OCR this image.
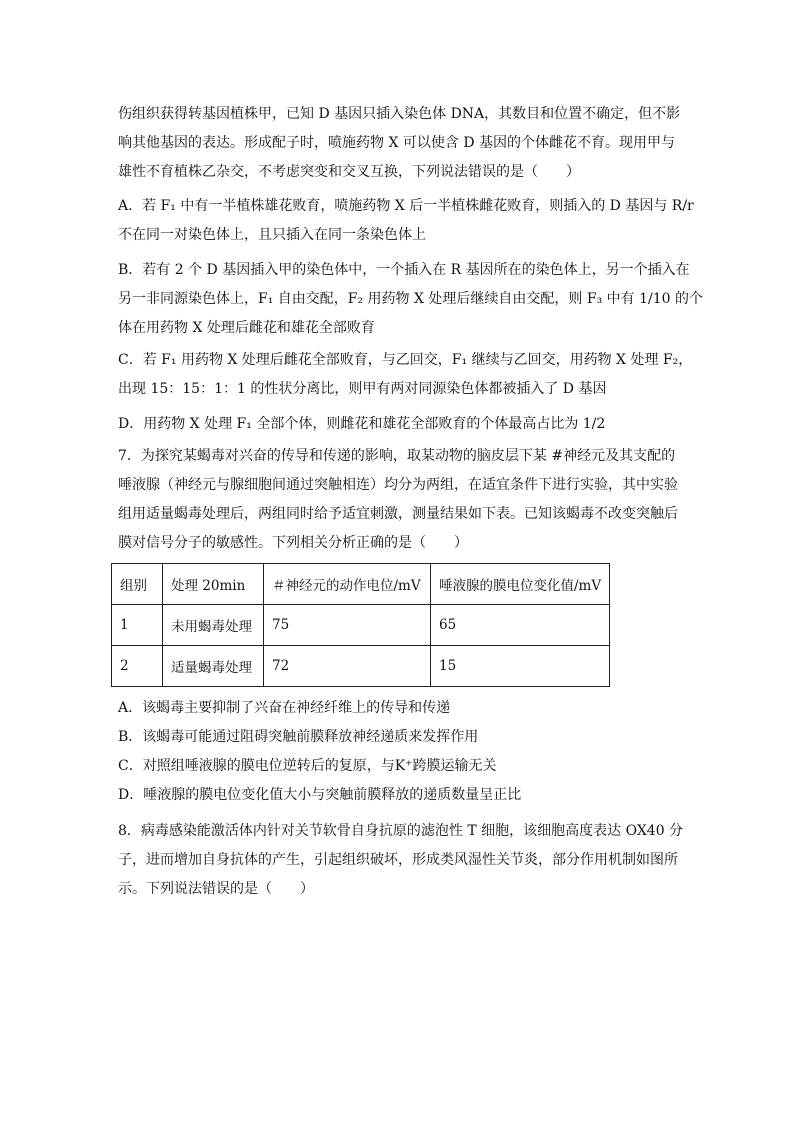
伤组织获得转基因植株甲，已知 D 基因只插入染色体 DNA，其数目和位置不确定，但不影
响其他基因的表达。形成配子时，喷施药物 X 可以使含 D 基因的个体雌花不育。现用甲与
雄性不育植株乙杂交，不考虑突变和交叉互换，下列说法错误的是（　　）
A．若 F₁ 中有一半植株雄花败育，喷施药物 X 后一半植株雌花败育，则插入的 D 基因与 R/r
不在同一对染色体上，且只插入在同一条染色体上
B．若有 2 个 D 基因插入甲的染色体中，一个插入在 R 基因所在的染色体上，另一个插入在
另一非同源染色体上，F₁ 自由交配，F₂ 用药物 X 处理后继续自由交配，则 F₃ 中有 1/10 的个
体在用药物 X 处理后雌花和雄花全部败育
C．若 F₁ 用药物 X 处理后雌花全部败育，与乙回交，F₁ 继续与乙回交，用药物 X 处理 F₂，
出现 15：15：1：1 的性状分离比，则甲有两对同源染色体都被插入了 D 基因
D．用药物 X 处理 F₁ 全部个体，则雌花和雄花全部败育的个体最高占比为 1/2
7．为探究某蝎毒对兴奋的传导和传递的影响，取某动物的脑皮层下某 #神经元及其支配的
唾液腺（神经元与腺细胞间通过突触相连）均分为两组，在适宜条件下进行实验，其中实验
组用适量蝎毒处理后，两组同时给予适宜刺激，测量结果如下表。已知该蝎毒不改变突触后
膜对信号分子的敏感性。下列相关分析正确的是（　　）
组别	处理 20min	＃神经元的动作电位/mV	唾液腺的膜电位变化值/mV
1	未用蝎毒处理	75	65
2	适量蝎毒处理	72	15
A．该蝎毒主要抑制了兴奋在神经纤维上的传导和传递
B．该蝎毒可能通过阻碍突触前膜释放神经递质来发挥作用
C．对照组唾液腺的膜电位逆转后的复原，与K⁺跨膜运输无关
D．唾液腺的膜电位变化值大小与突触前膜释放的递质数量呈正比
8．病毒感染能激活体内针对关节软骨自身抗原的滤泡性 T 细胞，该细胞高度表达 OX40 分
子，进而增加自身抗体的产生，引起组织破坏，形成类风湿性关节炎，部分作用机制如图所
示。下列说法错误的是（　　）
